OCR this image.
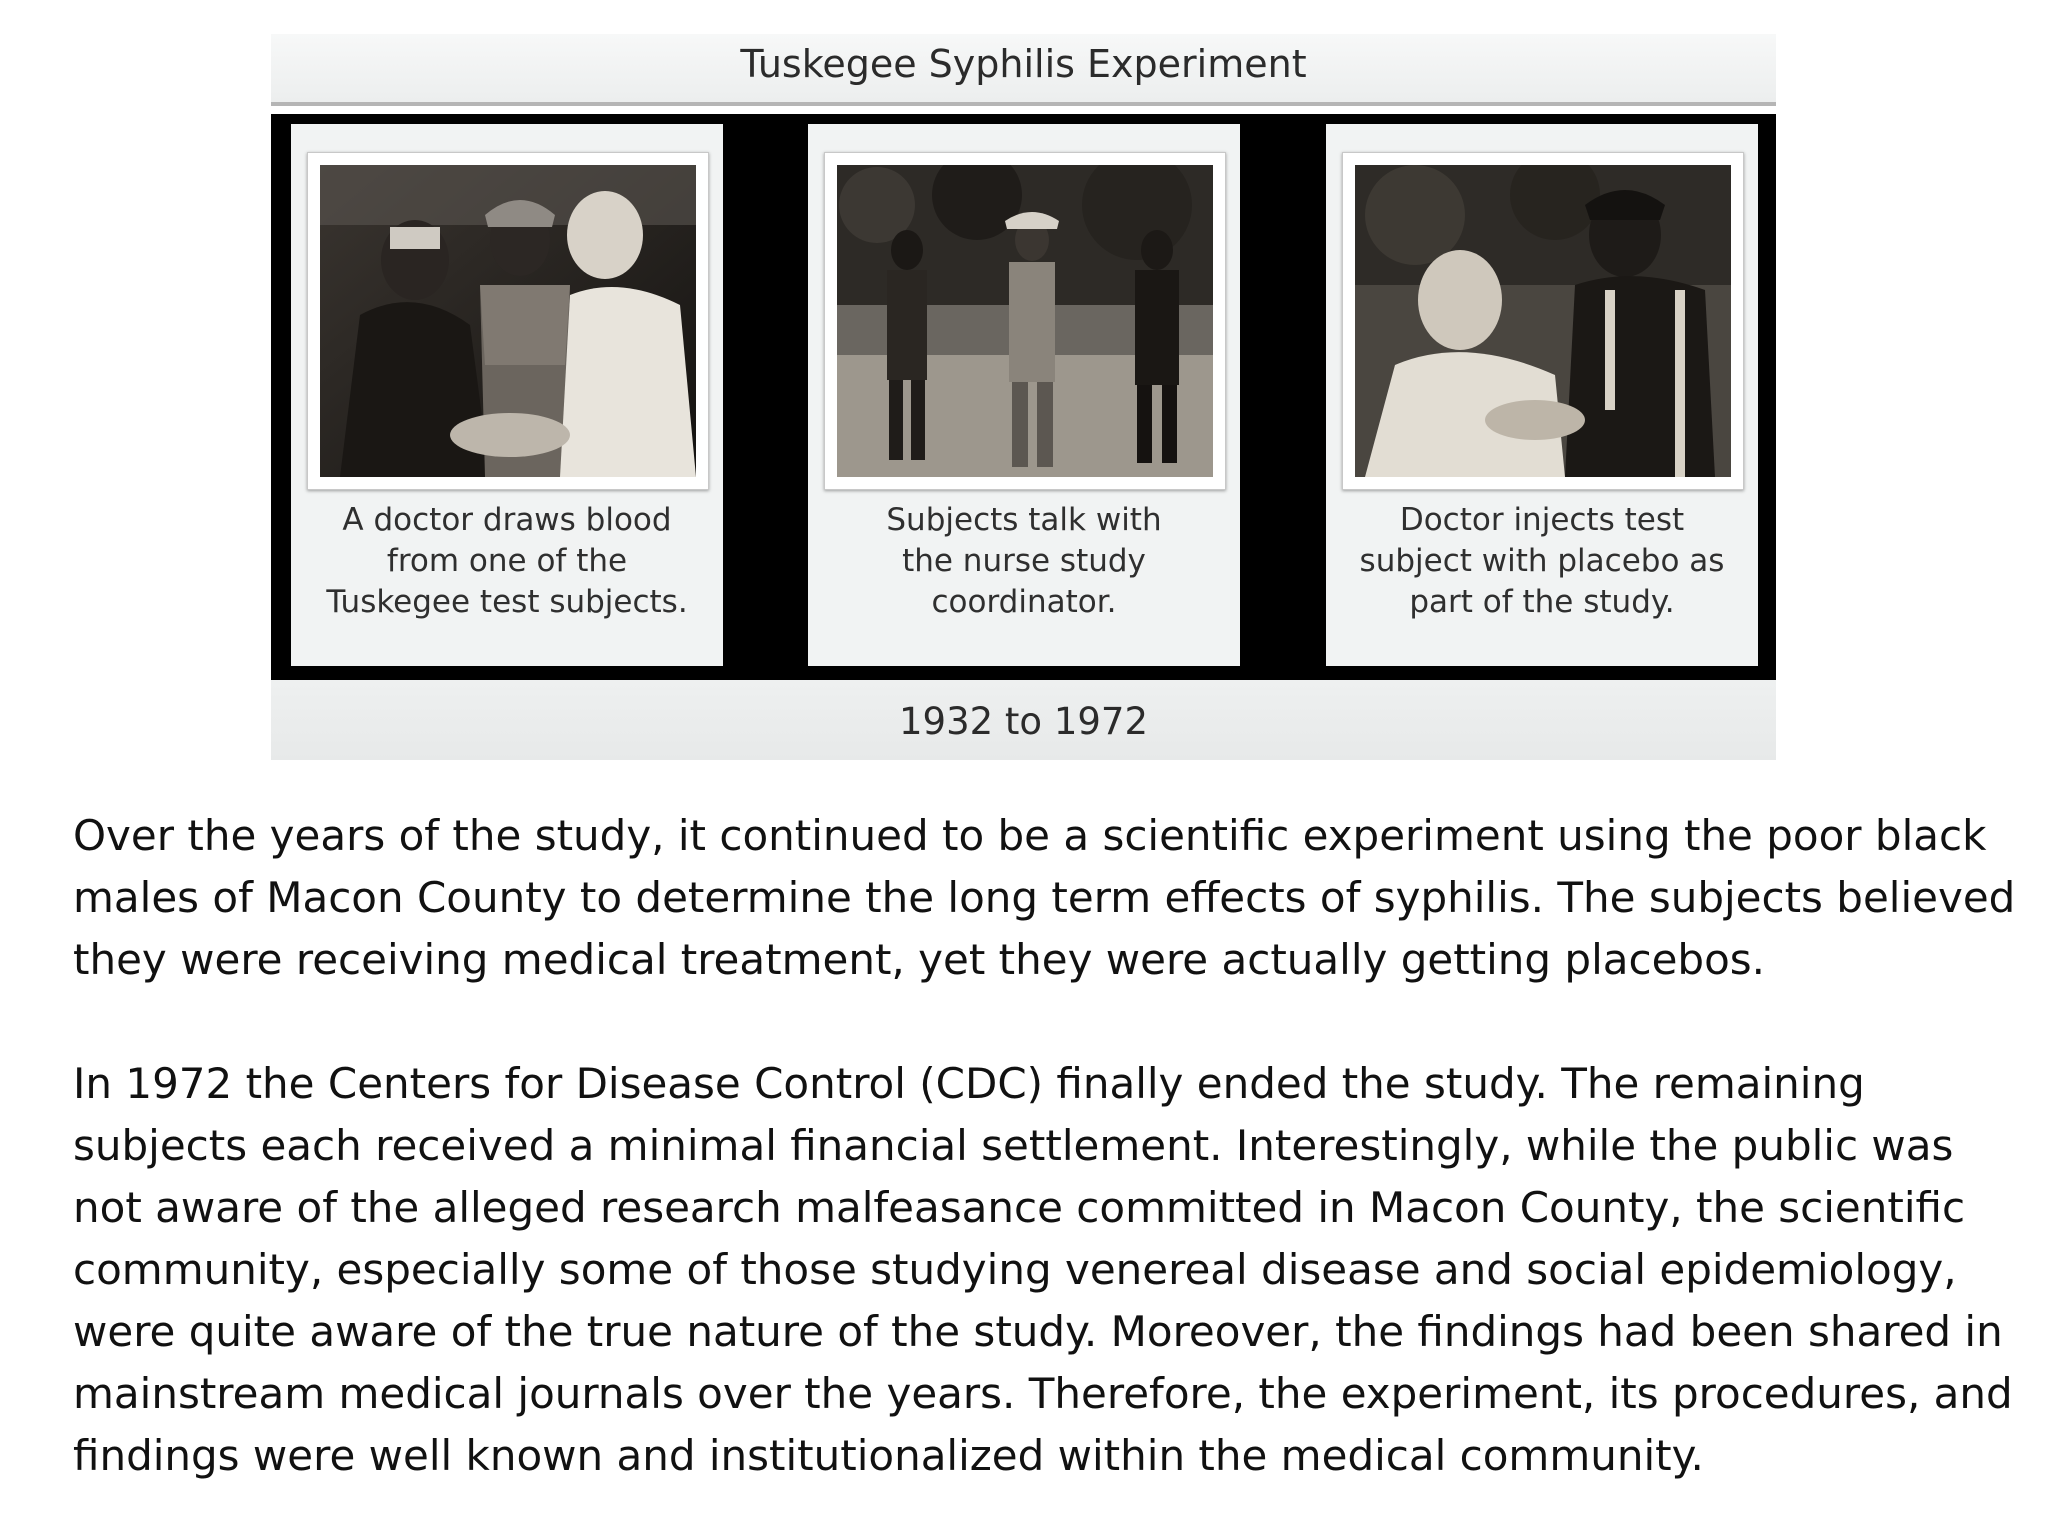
Tuskegee Syphilis Experiment
A doctor draws blood
from one of the
Tuskegee test subjects.
Subjects talk with
the nurse study
coordinator.
Doctor injects test
subject with placebo as
part of the study.
1932 to 1972
Over the years of the study, it continued to be a scientific experiment using the poor black
males of Macon County to determine the long term effects of syphilis. The subjects believed
they were receiving medical treatment, yet they were actually getting placebos.
In 1972 the Centers for Disease Control (CDC) finally ended the study. The remaining
subjects each received a minimal financial settlement. Interestingly, while the public was
not aware of the alleged research malfeasance committed in Macon County, the scientific
community, especially some of those studying venereal disease and social epidemiology,
were quite aware of the true nature of the study. Moreover, the findings had been shared in
mainstream medical journals over the years. Therefore, the experiment, its procedures, and
findings were well known and institutionalized within the medical community.
